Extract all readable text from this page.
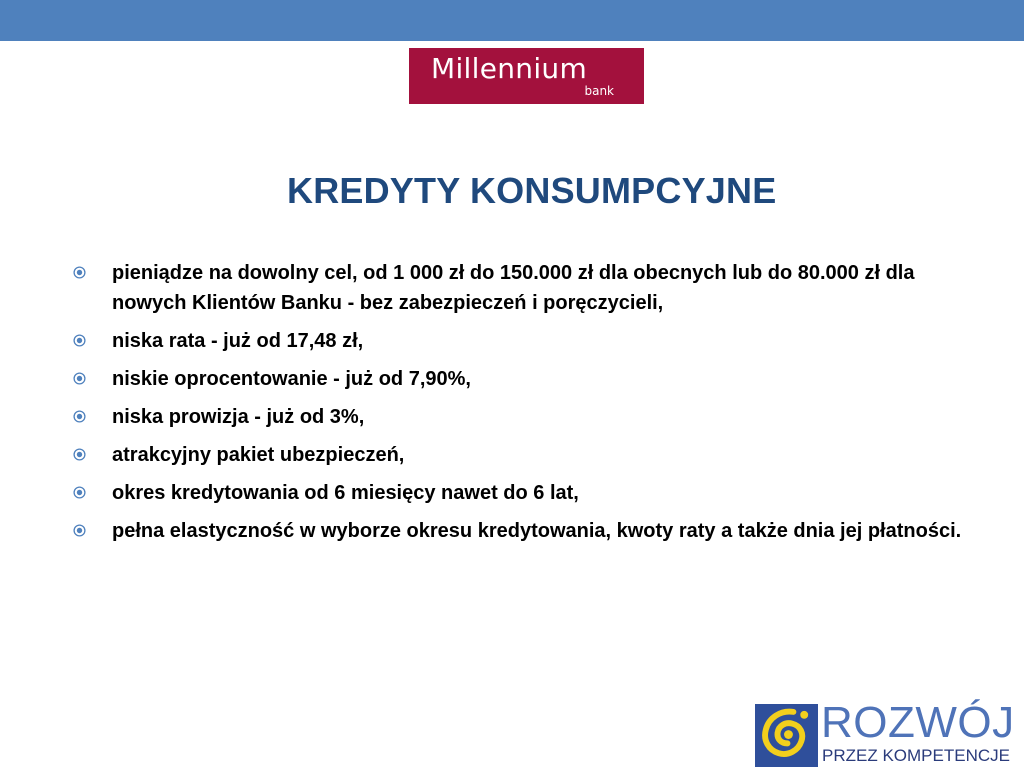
Millennium
bank
KREDYTY KONSUMPCYJNE
pieniądze na dowolny cel, od 1 000 zł do 150.000 zł dla obecnych lub do 80.000 zł dla nowych Klientów Banku - bez zabezpieczeń i poręczycieli,
niska rata - już od 17,48 zł,
niskie oprocentowanie - już od 7,90%,
niska prowizja - już od 3%,
atrakcyjny pakiet ubezpieczeń,
okres kredytowania od 6 miesięcy nawet do 6 lat,
pełna elastyczność w wyborze okresu kredytowania, kwoty raty a także dnia jej płatności.
ROZWÓJ
PRZEZ KOMPETENCJE
